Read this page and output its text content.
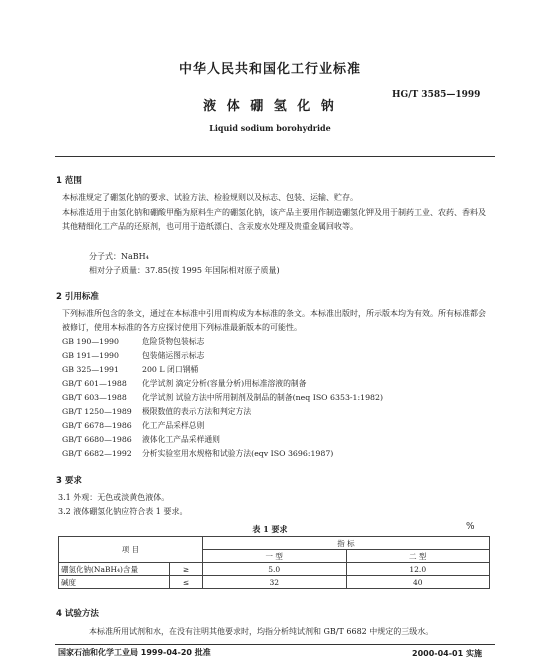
中华人民共和国化工行业标准
HG/T 3585—1999
液 体 硼 氢 化 钠
Liquid sodium borohydride
1 范围
本标准规定了硼氢化钠的要求、试验方法、检验规则以及标志、包装、运输、贮存。
本标准适用于由氢化钠和硼酸甲酯为原料生产的硼氢化钠，该产品主要用作制造硼氢化钾及用于制药工业、农药、香料及其他精细化工产品的还原剂，也可用于造纸漂白、含汞废水处理及贵重金属回收等。
分子式：NaBH₄
相对分子质量：37.85(按 1995 年国际相对原子质量)
2 引用标准
下列标准所包含的条文，通过在本标准中引用而构成为本标准的条文。本标准出版时，所示版本均为有效。所有标准都会被修订，使用本标准的各方应探讨使用下列标准最新版本的可能性。
GB 190—1990	危险货物包装标志
GB 191—1990	包装储运图示标志
GB 325—1991	200 L 闭口钢桶
GB/T 601—1988 化学试剂 滴定分析(容量分析)用标准溶液的制备
GB/T 603—1988 化学试剂 试验方法中所用制剂及制品的制备(neq ISO 6353-1:1982)
GB/T 1250—1989 极限数值的表示方法和判定方法
GB/T 6678—1986 化工产品采样总则
GB/T 6680—1986 液体化工产品采样通则
GB/T 6682—1992 分析实验室用水规格和试验方法(eqv ISO 3696:1987)
3 要求
3.1 外观：无色或淡黄色液体。
3.2 液体硼氢化钠应符合表 1 要求。
表 1 要求	%
项 目		指 标	
		一 型	二 型
硼氢化钠(NaBH₄)含量	≥	5.0	12.0
碱度	≤	32	40
4 试验方法
本标准所用试剂和水，在没有注明其他要求时，均指分析纯试剂和 GB/T 6682 中规定的三级水。
国家石油和化学工业局 1999-04-20 批准	2000-04-01 实施
